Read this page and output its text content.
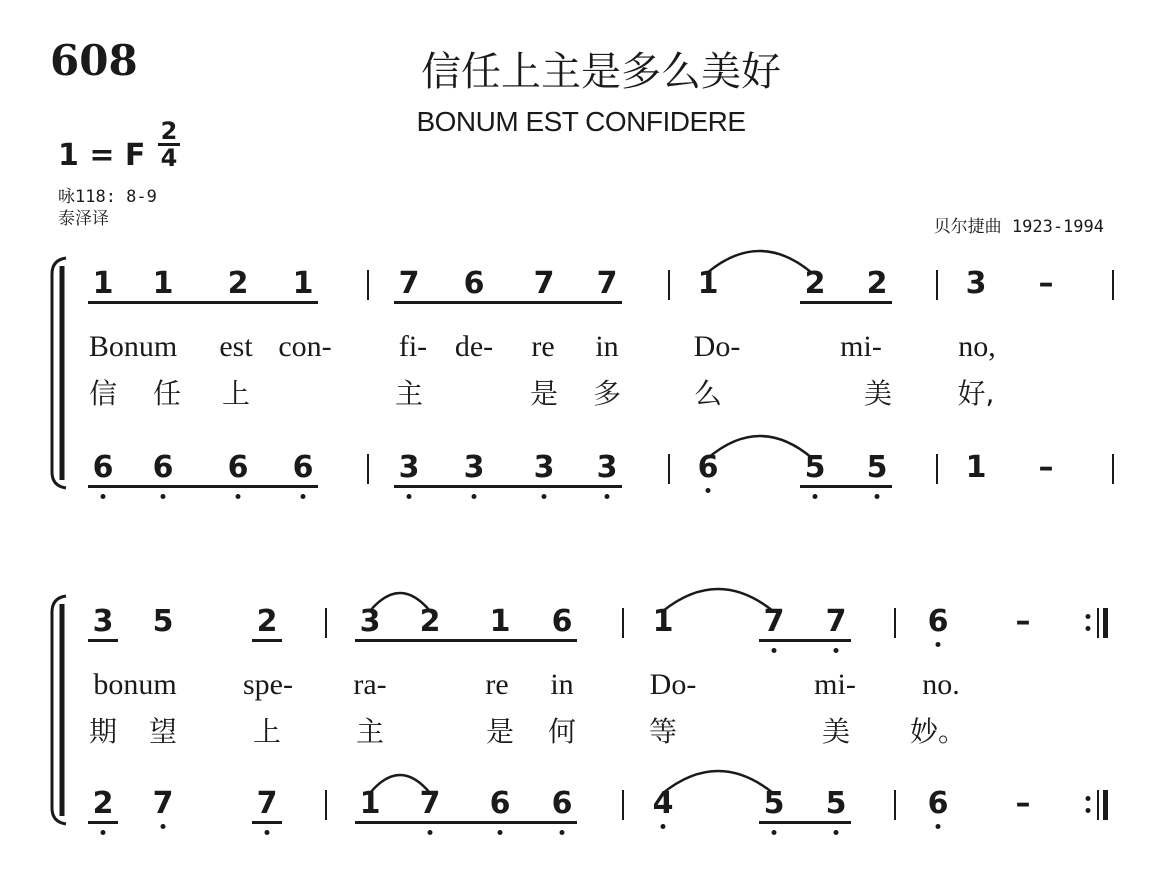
608	信任上主是多么美好
BONUM EST CONFIDERE
1 = F
2
4
咏118: 8-9
泰泽译	贝尔捷曲 1923-1994
1 1 2 1	7 6 7 7	1	2 2	3 –
6 6 6 6	3 3 3 3	6	5 5	1 –
Bonum est con- fi- de- re in	Do-	mi-	no,
信 任 上	主	是 多	么	美 好,
3 5	2	3 2 1 6	1	7 7	6 –
2 7	7	1 7 6 6	4	5 5	6 –
bonum spe- ra-	re in	Do-	mi- no.
期 望	上	主	是 何	等	美 妙。
